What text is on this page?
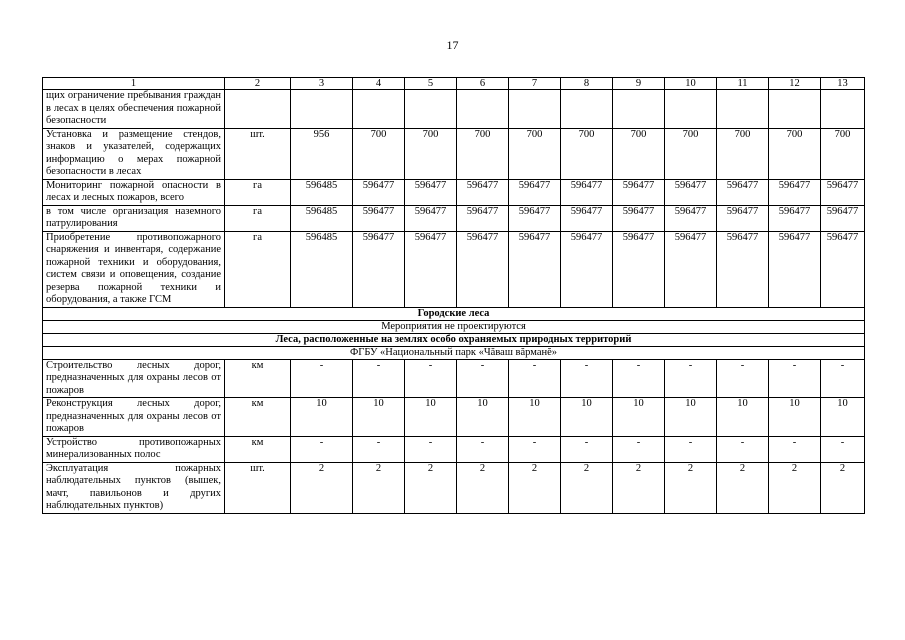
17
1	2	3	4	5	6	7	8	9	10	11	12	13
щих ограничение пребывания граждан в лесах в целях обеспечения пожарной безопасности												
Установка и размещение стендов, знаков и указателей, содержащих информацию о мерах пожарной безопасности в лесах	шт.	956	700	700	700	700	700	700	700	700	700	700
Мониторинг пожарной опасности в лесах и лесных пожаров, всего	га	596485	596477	596477	596477	596477	596477	596477	596477	596477	596477	596477
в том числе организация наземного патрулирования	га	596485	596477	596477	596477	596477	596477	596477	596477	596477	596477	596477
Приобретение противопожарного снаряжения и инвентаря, содержание пожарной техники и оборудования, систем связи и оповещения, создание резерва пожарной техники и оборудования, а также ГСМ	га	596485	596477	596477	596477	596477	596477	596477	596477	596477	596477	596477
Городские леса												
Мероприятия не проектируются												
Леса, расположенные на землях особо охраняемых природных территорий												
ФГБУ «Национальный парк «Чăваш вăрманĕ»												
Строительство лесных дорог, предназначенных для охраны лесов от пожаров	км	-	-	-	-	-	-	-	-	-	-	-
Реконструкция лесных дорог, предназначенных для охраны лесов от пожаров	км	10	10	10	10	10	10	10	10	10	10	10
Устройство противопожарных минерализованных полос	км	-	-	-	-	-	-	-	-	-	-	-
Эксплуатация пожарных наблюдательных пунктов (вышек, мачт, павильонов и других наблюдательных пунктов)	шт.	2	2	2	2	2	2	2	2	2	2	2
